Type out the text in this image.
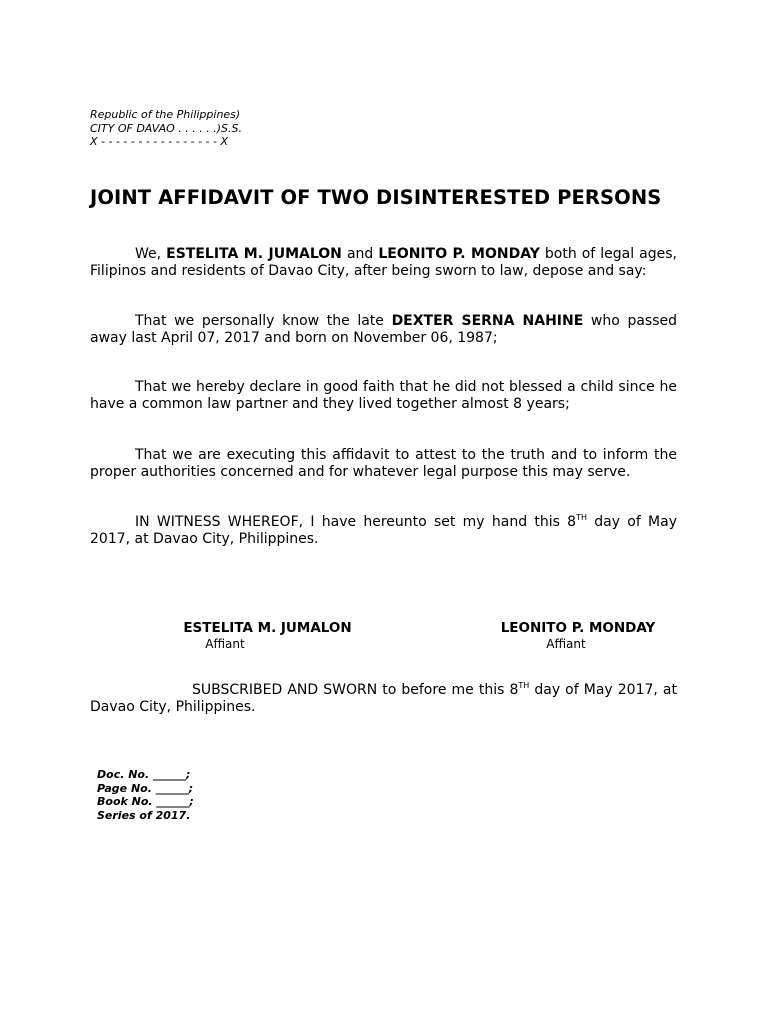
Republic of the Philippines)
CITY OF DAVAO . . . . . .)S.S.
X - - - - - - - - - - - - - - - - X
JOINT AFFIDAVIT OF TWO DISINTERESTED PERSONS
We, ESTELITA M. JUMALON and LEONITO P. MONDAY both of legal ages, Filipinos and residents of Davao City, after being sworn to law, depose and say:
That we personally know the late DEXTER SERNA NAHINE who passed away last April 07, 2017 and born on November 06, 1987;
That we hereby declare in good faith that he did not blessed a child since he have a common law partner and they lived together almost 8 years;
That we are executing this affidavit to attest to the truth and to inform the proper authorities concerned and for whatever legal purpose this may serve.
IN WITNESS WHEREOF, I have hereunto set my hand this 8TH day of May 2017, at Davao City, Philippines.
ESTELITA M. JUMALON
Affiant
LEONITO P. MONDAY
Affiant
SUBSCRIBED AND SWORN to before me this 8TH day of May 2017, at Davao City, Philippines.
Doc. No. ______;
Page No. ______;
Book No. ______;
Series of 2017.
